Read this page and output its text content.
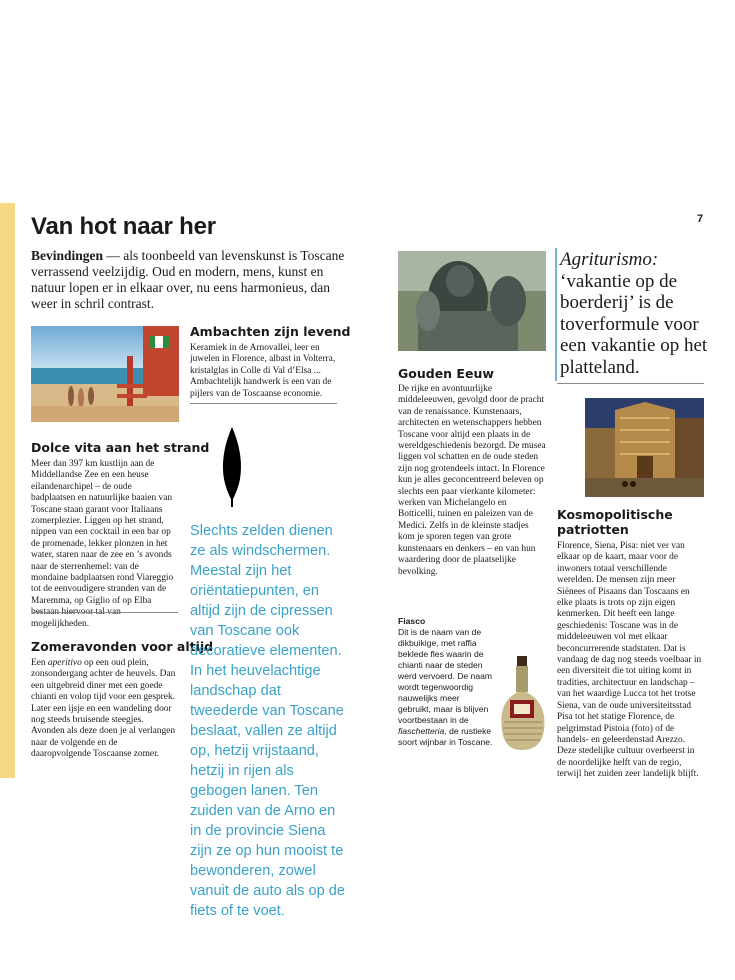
Van hot naar her	7
Bevindingen — als toonbeeld van levenskunst is Toscane verrassend veelzijdig. Oud en modern, mens, kunst en natuur lopen er in elkaar over, nu eens harmonieus, dan weer in schril contrast.
Dolce vita aan het strand
Meer dan 397 km kustlijn aan de Middellandse Zee en een heuse eilandenarchipel – de oude badplaatsen en natuurlijke baaien van Toscane staan garant voor Italiaans zomerplezier. Liggen op het strand, nippen van een cocktail in een bar op de promenade, lekker plonzen in het water, staren naar de zee en ’s avonds naar de sterrenhemel: van de mondaine badplaatsen rond Viareggio tot de eenvoudigere stranden van de Maremma, op Giglio of op Elba mogelijkheden.
Zomeravonden voor altijd
Een aperitivo op een oud plein, zonsondergang achter de heuvels. Dan een uitgebreid diner met een goede chianti en volop tijd voor een gesprek. Later een ijsje en een wandeling door nog steeds bruisende steegjes. Avonden als deze doen je al verlangen naar de volgende en de daaropvolgende Toscaanse zomer.
Ambachten zijn levend
Keramiek in de Arnovallei, leer en juwelen in Florence, albast in Volterra, kristalglas in Colle di Val d’Elsa ... Ambachtelijk handwerk is een van de pijlers van de Toscaanse economie.
Slechts zelden dienen ze als windschermen. Meestal zijn het oriëntatiepunten, en altijd zijn de cipressen van Toscane ook decoratieve elementen. In het heuvelachtige landschap dat tweederde van Toscane beslaat, vallen ze altijd op, hetzij vrijstaand, hetzij in rijen als gebogen lanen. Ten zuiden van de Arno en in de provincie Siena zijn ze op hun mooist te bewonderen, zowel vanuit de auto als op de fiets of te voet.
Gouden Eeuw
De rijke en avontuurlijke middeleeuwen, gevolgd door de pracht van de renaissance. Kunstenaars, architecten en wetenschappers hebben Toscane voor altijd een plaats in de wereldgeschiedenis bezorgd. De musea liggen vol schatten en de oude steden zijn nog grotendeels intact. In Florence kun je alles geconcentreerd beleven op slechts een paar vierkante kilometer: werken van Michelangelo en Botticelli, tuinen en paleizen van de Medici. Zelfs in de kleinste stadjes kom je sporen tegen van grote kunstenaars en denkers – en van hun waardering door de plaatselijke bevolking.
Fiasco
Dit is de naam van de dikbuikige, met raffia beklede fles waarin de chianti naar de steden werd vervoerd. De naam wordt tegenwoordig nauwelijks meer gebruikt, maar is blijven voortbestaan in de fiaschetteria, de rustieke soort wijnbar in Toscane.
Agriturismo:
‘vakantie op de boerderij’ is de toverformule voor een vakantie op het platteland.
Kosmopolitische patriotten
Florence, Siena, Pisa: niet ver van elkaar op de kaart, maar voor de inwoners totaal verschillende werelden. De mensen zijn meer Siënees of Pisaans dan Toscaans en elke plaats is trots op zijn eigen kenmerken. Dit heeft een lange geschiedenis: Toscane was in de middeleeuwen vol met elkaar beconcurrerende stadstaten. Dat is vandaag de dag nog steeds voelbaar in een diversiteit die tot uiting komt in tradities, architectuur en landschap – van het waardige Lucca tot het trotse Siena, van de oude universiteitsstad Pisa tot het statige Florence, de pelgrimstad Pistoia (foto) of de handels- en geleerdenstad Arezzo. Deze stedelijke cultuur overheerst in de noordelijke helft van de regio, terwijl het zuiden zeer landelijk blijft.
